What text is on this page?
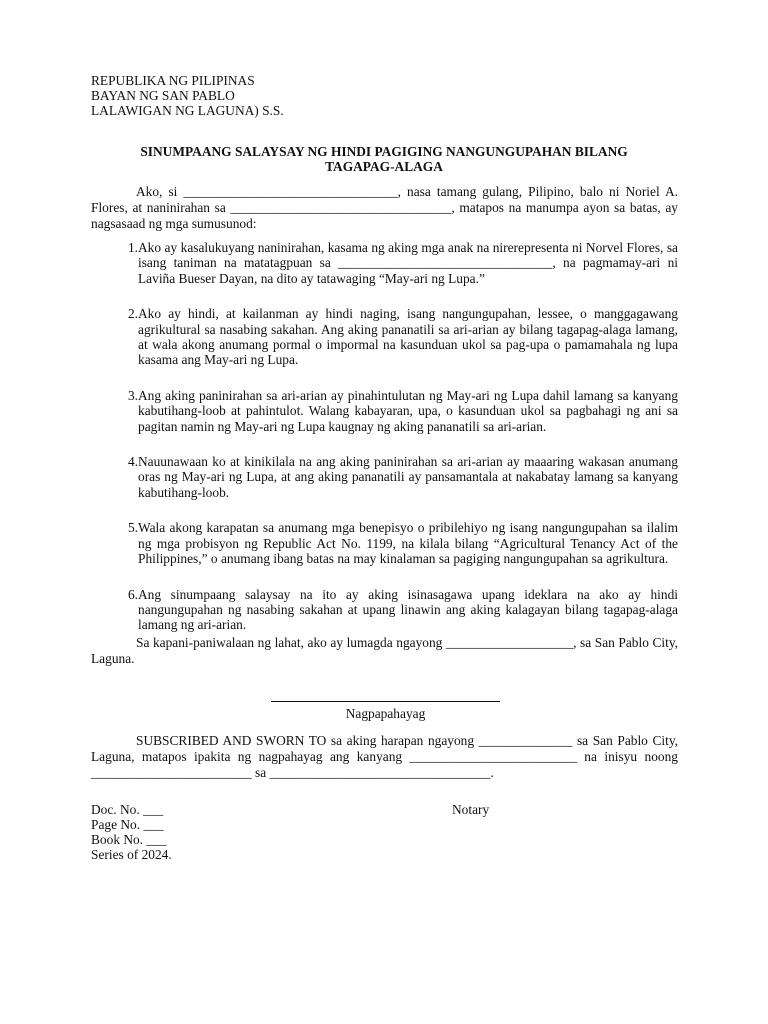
REPUBLIKA NG PILIPINAS
BAYAN NG SAN PABLO
LALAWIGAN NG LAGUNA) S.S.
SINUMPAANG SALAYSAY NG HINDI PAGIGING NANGUNGUPAHAN BILANG
TAGAPAG-ALAGA
Ako, si ________________________________, nasa tamang gulang, Pilipino, balo ni Noriel A. Flores, at naninirahan sa _________________________________, matapos na manumpa ayon sa batas, ay nagsasaad ng mga sumusunod:
1. Ako ay kasalukuyang naninirahan, kasama ng aking mga anak na nirerepresenta ni Norvel Flores, sa isang taniman na matatagpuan sa ________________________________, na pagmamay-ari ni Laviña Bueser Dayan, na dito ay tatawaging “May-ari ng Lupa.”
2. Ako ay hindi, at kailanman ay hindi naging, isang nangungupahan, lessee, o manggagawang agrikultural sa nasabing sakahan. Ang aking pananatili sa ari-arian ay bilang tagapag-alaga lamang, at wala akong anumang pormal o impormal na kasunduan ukol sa pag-upa o pamamahala ng lupa kasama ang May-ari ng Lupa.
3. Ang aking paninirahan sa ari-arian ay pinahintulutan ng May-ari ng Lupa dahil lamang sa kanyang kabutihang-loob at pahintulot. Walang kabayaran, upa, o kasunduan ukol sa pagbahagi ng ani sa pagitan namin ng May-ari ng Lupa kaugnay ng aking pananatili sa ari-arian.
4. Nauunawaan ko at kinikilala na ang aking paninirahan sa ari-arian ay maaaring wakasan anumang oras ng May-ari ng Lupa, at ang aking pananatili ay pansamantala at nakabatay lamang sa kanyang kabutihang-loob.
5. Wala akong karapatan sa anumang mga benepisyo o pribilehiyo ng isang nangungupahan sa ilalim ng mga probisyon ng Republic Act No. 1199, na kilala bilang “Agricultural Tenancy Act of the Philippines,” o anumang ibang batas na may kinalaman sa pagiging nangungupahan sa agrikultura.
6. Ang sinumpaang salaysay na ito ay aking isinasagawa upang ideklara na ako ay hindi nangungupahan ng nasabing sakahan at upang linawin ang aking kalagayan bilang tagapag-alaga lamang ng ari-arian.
Sa kapani-paniwalaan ng lahat, ako ay lumagda ngayong ___________________, sa San Pablo City, Laguna.
Nagpapahayag
SUBSCRIBED AND SWORN TO sa aking harapan ngayong ______________ sa San Pablo City, Laguna, matapos ipakita ng nagpahayag ang kanyang _________________________ na inisyu noong ________________________ sa _________________________________.
Doc. No. ___
Page No. ___
Book No. ___
Series of 2024.
Notary
